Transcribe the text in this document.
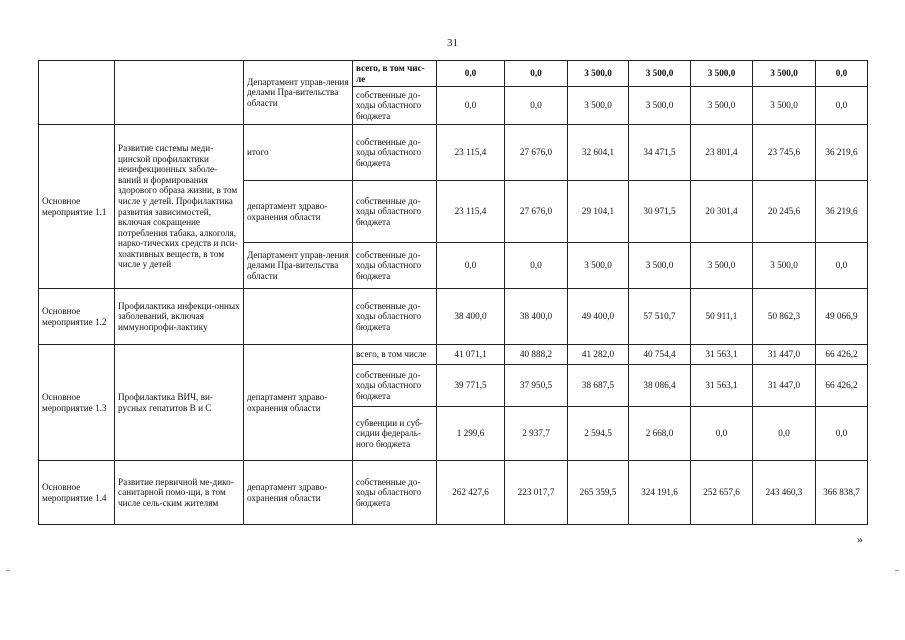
31
		Департамент управ-ления делами Пра-вительства области	всего, в том чис-ле	0,0	0,0	3 500,0	3 500,0	3 500,0	3 500,0	0,0
			собственные до-ходы областного бюджета	0,0	0,0	3 500,0	3 500,0	3 500,0	3 500,0	0,0
Основное мероприятие 1.1	Развитие системы меди-цинской профилактики неинфекционных заболе-ваний и формирования здорового образа жизни, в том числе у детей. Профилактика развития зависимостей, включая сокращение потребления табака, алкоголя, нарко-тических средств и пси-хоактивных веществ, в том числе у детей	итого	собственные до-ходы областного бюджета	23 115,4	27 676,0	32 604,1	34 471,5	23 801,4	23 745,6	36 219,6
		департамент здраво-охранения области	собственные до-ходы областного бюджета	23 115,4	27 676,0	29 104,1	30 971,5	20 301,4	20 245,6	36 219,6
		Департамент управ-ления делами Пра-вительства области	собственные до-ходы областного бюджета	0,0	0,0	3 500,0	3 500,0	3 500,0	3 500,0	0,0
Основное мероприятие 1.2	Профилактика инфекци-онных заболеваний, включая иммунопрофи-лактику		собственные до-ходы областного бюджета	38 400,0	38 400,0	49 400,0	57 510,7	50 911,1	50 862,3	49 066,9
Основное мероприятие 1.3	Профилактика ВИЧ, ви-русных гепатитов В и С	департамент здраво-охранения области	всего, в том числе	41 071,1	40 888,2	41 282,0	40 754,4	31 563,1	31 447,0	66 426,2
			собственные до-ходы областного бюджета	39 771,5	37 950,5	38 687,5	38 086,4	31 563,1	31 447,0	66 426,2
			субвенции и суб-сидии федераль-ного бюджета	1 299,6	2 937,7	2 594,5	2 668,0	0,0	0,0	0,0
Основное мероприятие 1.4	Развитие первичной ме-дико-санитарной помо-щи, в том числе сель-ским жителям	департамент здраво-охранения области	собственные до-ходы областного бюджета	262 427,6	223 017,7	265 359,5	324 191,6	252 657,6	243 460,3	366 838,7
»
